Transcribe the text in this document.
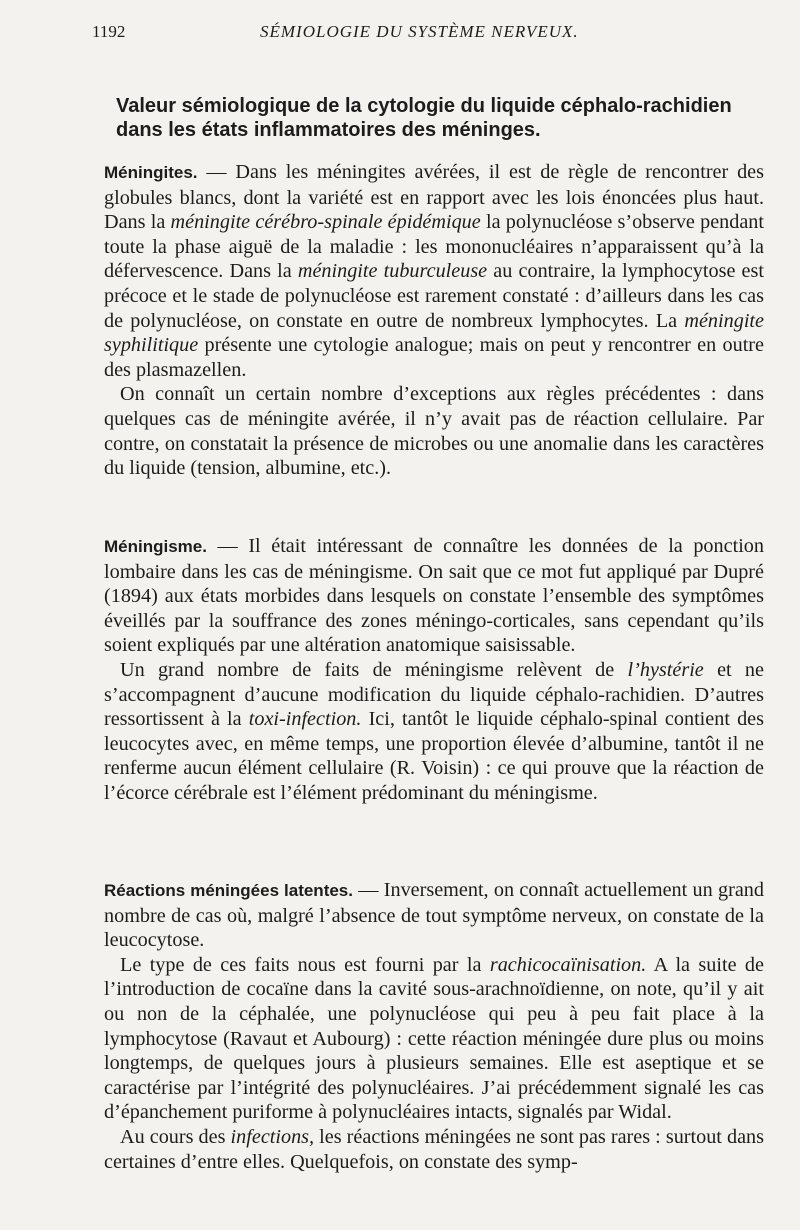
1192	SÉMIOLOGIE DU SYSTÈME NERVEUX.
Valeur sémiologique de la cytologie du liquide céphalo-rachidien dans les états inflammatoires des méninges.

Méningites. — Dans les méningites avérées, il est de règle de rencontrer des globules blancs, dont la variété est en rapport avec les lois énoncées plus haut. Dans la méningite cérébro-spinale épidémique la polynucléose s’observe pendant toute la phase aiguë de la maladie : les mononucléaires n’apparaissent qu’à la défervescence. Dans la méningite tuburculeuse au contraire, la lymphocytose est précoce et le stade de polynucléose est rarement constaté : d’ailleurs dans les cas de polynucléose, on constate en outre de nombreux lymphocytes. La méningite syphilitique présente une cytologie analogue; mais on peut y rencontrer en outre des plasmazellen.

On connaît un certain nombre d’exceptions aux règles précédentes : dans quelques cas de méningite avérée, il n’y avait pas de réaction cellulaire. Par contre, on constatait la présence de microbes ou une anomalie dans les caractères du liquide (tension, albumine, etc.).

Méningisme. — Il était intéressant de connaître les données de la ponction lombaire dans les cas de méningisme. On sait que ce mot fut appliqué par Dupré (1894) aux états morbides dans lesquels on constate l’ensemble des symptômes éveillés par la souffrance des zones méningo-corticales, sans cependant qu’ils soient expliqués par une altération anatomique saisissable.

Un grand nombre de faits de méningisme relèvent de l’hystérie et ne s’accompagnent d’aucune modification du liquide céphalo-rachidien. D’autres ressortissent à la toxi-infection. Ici, tantôt le liquide céphalo-spinal contient des leucocytes avec, en même temps, une proportion élevée d’albumine, tantôt il ne renferme aucun élément cellulaire (R. Voisin) : ce qui prouve que la réaction de l’écorce cérébrale est l’élément prédominant du méningisme.

Réactions méningées latentes. — Inversement, on connaît actuellement un grand nombre de cas où, malgré l’absence de tout symptôme nerveux, on constate de la leucocytose.

Le type de ces faits nous est fourni par la rachicocaïnisation. A la suite de l’introduction de cocaïne dans la cavité sous-arachnoïdienne, on note, qu’il y ait ou non de la céphalée, une polynucléose qui peu à peu fait place à la lymphocytose (Ravaut et Aubourg) : cette réaction méningée dure plus ou moins longtemps, de quelques jours à plusieurs semaines. Elle est aseptique et se caractérise par l’intégrité des polynucléaires. J’ai précédemment signalé les cas d’épanchement puriforme à polynucléaires intacts, signalés par Widal.

Au cours des infections, les réactions méningées ne sont pas rares : surtout dans certaines d’entre elles. Quelquefois, on constate des symp-
